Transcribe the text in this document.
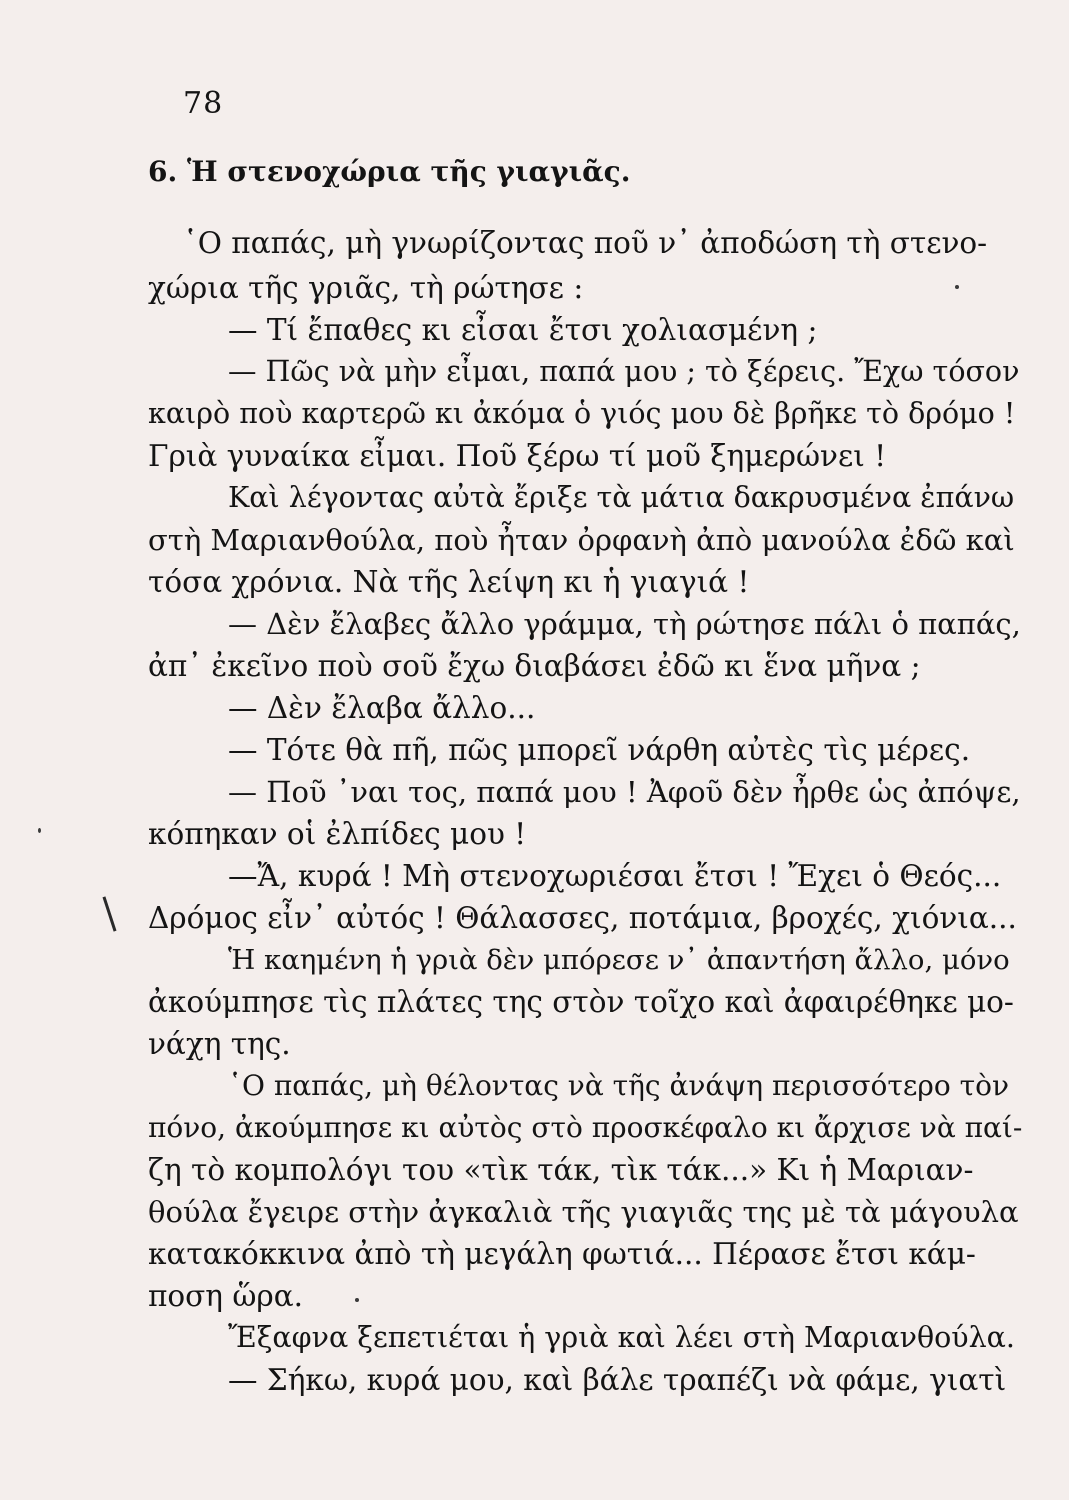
78
6. Ἡ στενοχώρια τῆς γιαγιᾶς.
῾Ο παπάς, μὴ γνωρίζοντας ποῦ ν᾿ ἀποδώση τὴ στενο-
χώρια τῆς γριᾶς, τὴ ρώτησε :
— Τί ἔπαθες κι εἶσαι ἔτσι χολιασμένη ;
— Πῶς νὰ μὴν εἶμαι, παπά μου ; τὸ ξέρεις. Ἔχω τόσον
καιρὸ ποὺ καρτερῶ κι ἀκόμα ὁ γιός μου δὲ βρῆκε τὸ δρόμο !
Γριὰ γυναίκα εἶμαι. Ποῦ ξέρω τί μοῦ ξημερώνει !
Καὶ λέγοντας αὐτὰ ἔριξε τὰ μάτια δακρυσμένα ἐπάνω
στὴ Μαριανθούλα, ποὺ ἦταν ὀρφανὴ ἀπὸ μανούλα ἐδῶ καὶ
τόσα χρόνια. Νὰ τῆς λείψη κι ἡ γιαγιά !
— Δὲν ἔλαβες ἄλλο γράμμα, τὴ ρώτησε πάλι ὁ παπάς,
ἀπ᾿ ἐκεῖνο ποὺ σοῦ ἔχω διαβάσει ἐδῶ κι ἕνα μῆνα ;
— Δὲν ἔλαβα ἄλλο...
— Τότε θὰ πῆ, πῶς μπορεῖ νάρθη αὐτὲς τὶς μέρες.
— Ποῦ ᾿ναι τος, παπά μου ! Ἀφοῦ δὲν ἦρθε ὡς ἀπόψε,
κόπηκαν οἱ ἐλπίδες μου !
—Ἄ, κυρά ! Μὴ στενοχωριέσαι ἔτσι ! Ἔχει ὁ Θεός...
Δρόμος εἶν᾿ αὐτός ! Θάλασσες, ποτάμια, βροχές, χιόνια...
Ἡ καημένη ἡ γριὰ δὲν μπόρεσε ν᾿ ἀπαντήση ἄλλο, μόνο
ἀκούμπησε τὶς πλάτες της στὸν τοῖχο καὶ ἀφαιρέθηκε μο-
νάχη της.
῾Ο παπάς, μὴ θέλοντας νὰ τῆς ἀνάψη περισσότερο τὸν
πόνο, ἀκούμπησε κι αὐτὸς στὸ προσκέφαλο κι ἄρχισε νὰ παί-
ζη τὸ κομπολόγι του «τὶκ τάκ, τὶκ τάκ...» Κι ἡ Μαριαν-
θούλα ἔγειρε στὴν ἀγκαλιὰ τῆς γιαγιᾶς της μὲ τὰ μάγουλα
κατακόκκινα ἀπὸ τὴ μεγάλη φωτιά... Πέρασε ἔτσι κάμ-
ποση ὥρα.
Ἔξαφνα ξεπετιέται ἡ γριὰ καὶ λέει στὴ Μαριανθούλα.
— Σήκω, κυρά μου, καὶ βάλε τραπέζι νὰ φάμε, γιατὶ
